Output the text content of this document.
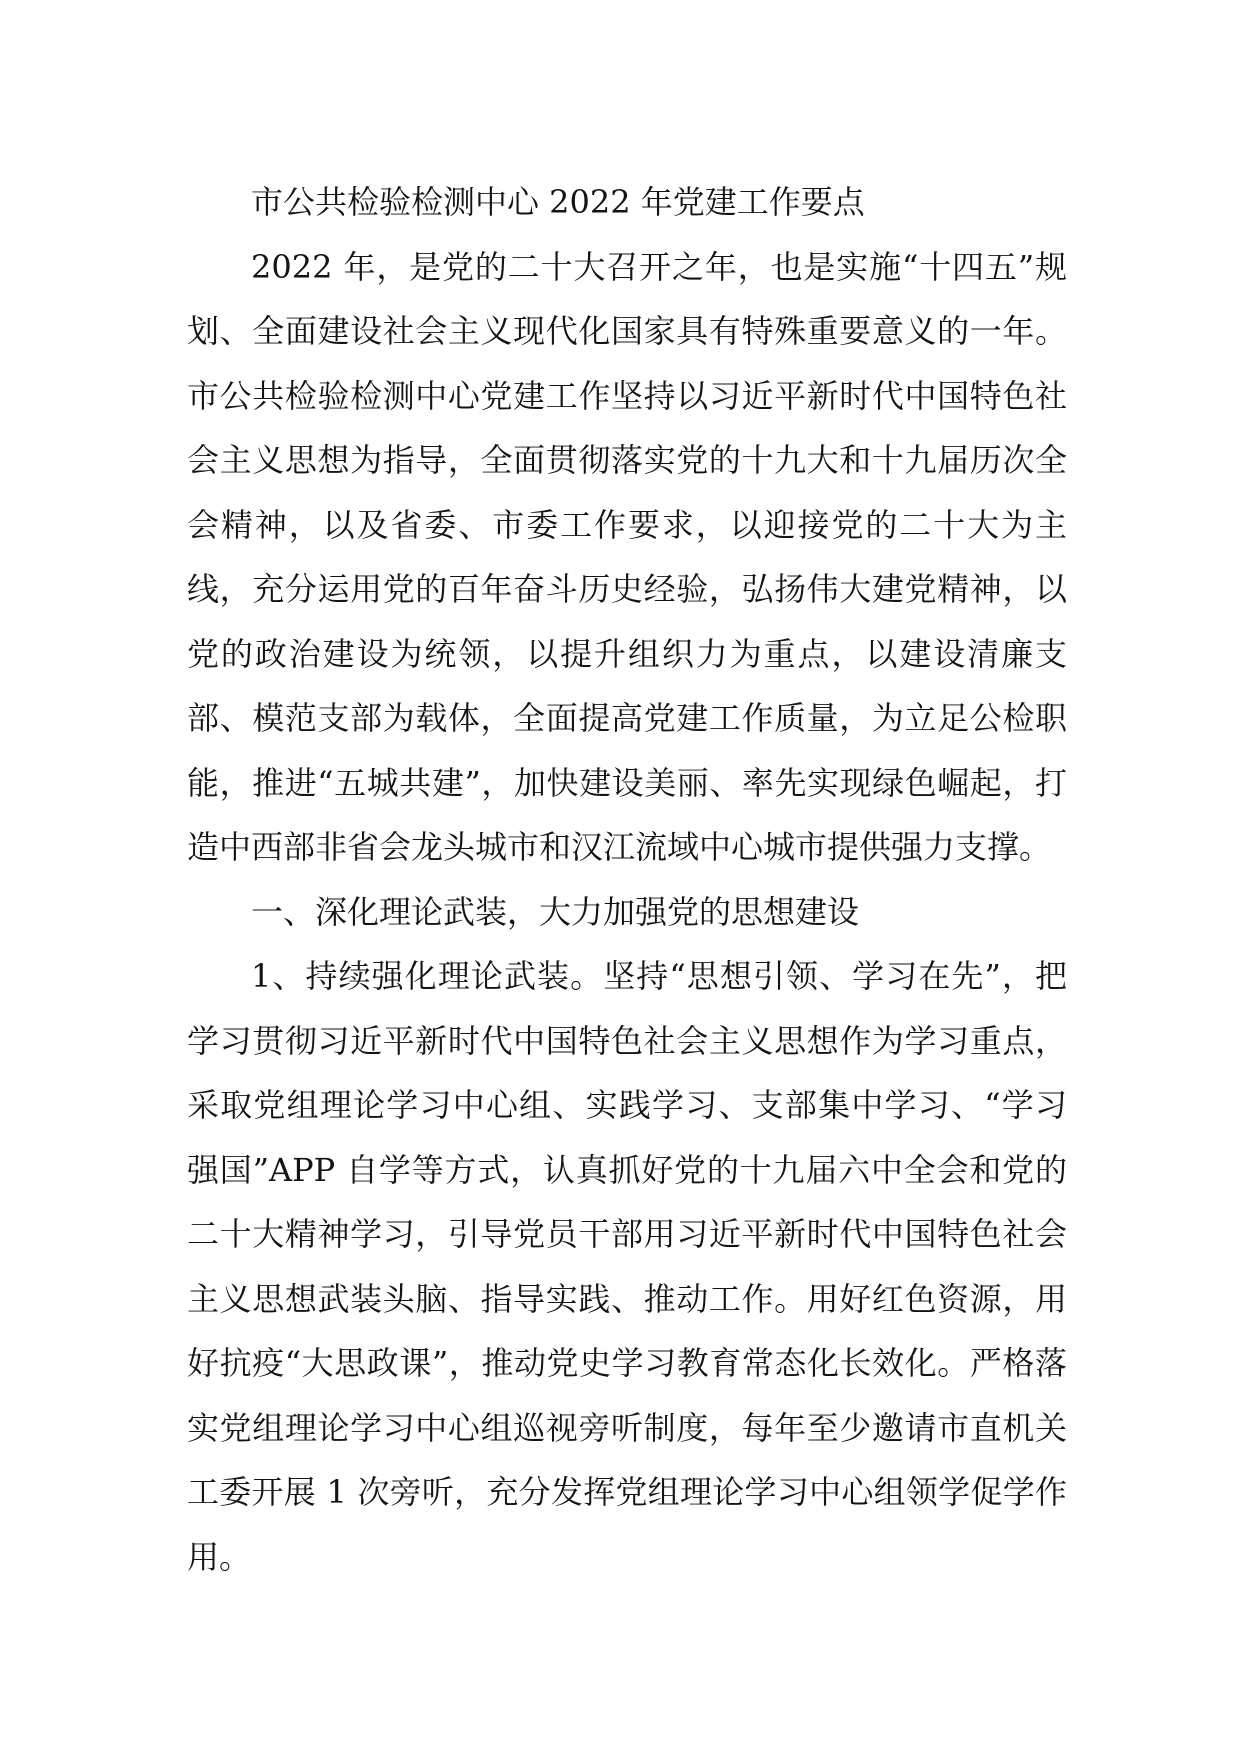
市公共检验检测中心 2022 年党建工作要点

2022 年，是党的二十大召开之年，也是实施“十四五”规划、全面建设社会主义现代化国家具有特殊重要意义的一年。市公共检验检测中心党建工作坚持以习近平新时代中国特色社会主义思想为指导，全面贯彻落实党的十九大和十九届历次全会精神，以及省委、市委工作要求，以迎接党的二十大为主线，充分运用党的百年奋斗历史经验，弘扬伟大建党精神，以党的政治建设为统领，以提升组织力为重点，以建设清廉支部、模范支部为载体，全面提高党建工作质量，为立足公检职能，推进“五城共建”，加快建设美丽、率先实现绿色崛起，打造中西部非省会龙头城市和汉江流域中心城市提供强力支撑。

一、深化理论武装，大力加强党的思想建设

1、持续强化理论武装。坚持“思想引领、学习在先”，把学习贯彻习近平新时代中国特色社会主义思想作为学习重点，采取党组理论学习中心组、实践学习、支部集中学习、“学习强国”APP 自学等方式，认真抓好党的十九届六中全会和党的二十大精神学习，引导党员干部用习近平新时代中国特色社会主义思想武装头脑、指导实践、推动工作。用好红色资源，用好抗疫“大思政课”，推动党史学习教育常态化长效化。严格落实党组理论学习中心组巡视旁听制度，每年至少邀请市直机关工委开展 1 次旁听，充分发挥党组理论学习中心组领学促学作用。
